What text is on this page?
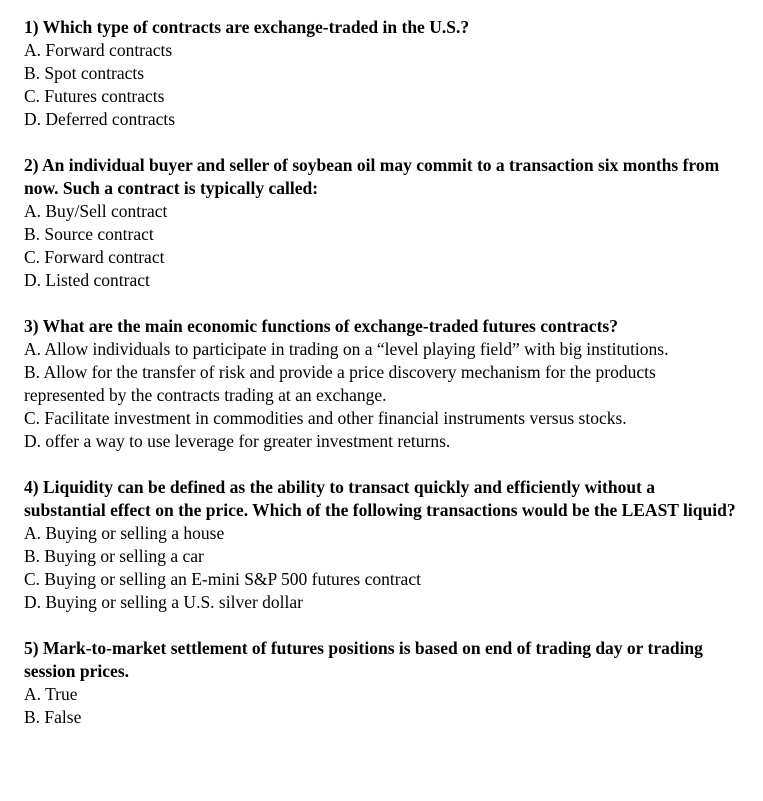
1) Which type of contracts are exchange-traded in the U.S.?

A. Forward contracts

B. Spot contracts

C. Futures contracts

D. Deferred contracts

2) An individual buyer and seller of soybean oil may commit to a transaction six months from now. Such a contract is typically called:

A. Buy/Sell contract

B. Source contract

C. Forward contract

D. Listed contract

3) What are the main economic functions of exchange-traded futures contracts?

A. Allow individuals to participate in trading on a “level playing field” with big institutions.

B. Allow for the transfer of risk and provide a price discovery mechanism for the products represented by the contracts trading at an exchange.

C. Facilitate investment in commodities and other financial instruments versus stocks.

D. offer a way to use leverage for greater investment returns.

4) Liquidity can be defined as the ability to transact quickly and efficiently without a substantial effect on the price. Which of the following transactions would be the LEAST liquid?

A. Buying or selling a house

B. Buying or selling a car

C. Buying or selling an E-mini S&P 500 futures contract

D. Buying or selling a U.S. silver dollar

5) Mark-to-market settlement of futures positions is based on end of trading day or trading session prices.

A. True

B. False
